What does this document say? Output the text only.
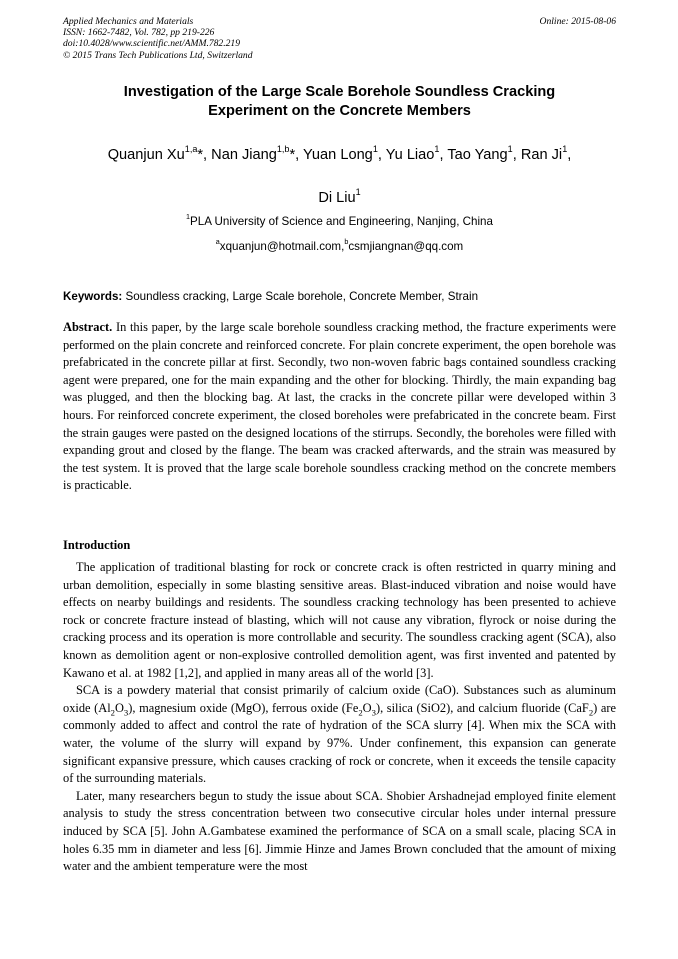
Applied Mechanics and Materials
ISSN: 1662-7482, Vol. 782, pp 219-226
doi:10.4028/www.scientific.net/AMM.782.219
© 2015 Trans Tech Publications Ltd, Switzerland
Online: 2015-08-06
Investigation of the Large Scale Borehole Soundless Cracking
Experiment on the Concrete Members
Quanjun Xu$^{1,a}$*, Nan Jiang$^{1,b}$*, Yuan Long$^1$, Yu Liao$^1$, Tao Yang$^1$, Ran Ji$^1$,
Di Liu$^1$
$^1$PLA University of Science and Engineering, Nanjing, China
$^a$xquanjun@hotmail.com,$^b$csmjiangnan@qq.com
Keywords: Soundless cracking, Large Scale borehole, Concrete Member, Strain
Abstract. In this paper, by the large scale borehole soundless cracking method, the fracture experiments were performed on the plain concrete and reinforced concrete. For plain concrete experiment, the open borehole was prefabricated in the concrete pillar at first. Secondly, two non-woven fabric bags contained soundless cracking agent were prepared, one for the main expanding and the other for blocking. Thirdly, the main expanding bag was plugged, and then the blocking bag. At last, the cracks in the concrete pillar were developed within 3 hours. For reinforced concrete experiment, the closed boreholes were prefabricated in the concrete beam. First the strain gauges were pasted on the designed locations of the stirrups. Secondly, the boreholes were filled with expanding grout and closed by the flange. The beam was cracked afterwards, and the strain was measured by the test system. It is proved that the large scale borehole soundless cracking method on the concrete members is practicable.
Introduction

The application of traditional blasting for rock or concrete crack is often restricted in quarry mining and urban demolition, especially in some blasting sensitive areas. Blast-induced vibration and noise would have effects on nearby buildings and residents. The soundless cracking technology has been presented to achieve rock or concrete fracture instead of blasting, which will not cause any vibration, flyrock or noise during the cracking process and its operation is more controllable and security. The soundless cracking agent (SCA), also known as demolition agent or non-explosive controlled demolition agent, was first invented and patented by Kawano et al. at 1982 [1,2], and applied in many areas all of the world [3].

SCA is a powdery material that consist primarily of calcium oxide (CaO). Substances such as aluminum oxide $(Al_2O_3)$, magnesium oxide (MgO), ferrous oxide $(Fe_2O_3)$, silica (SiO2), and calcium fluoride (CaF$_2$) are commonly added to affect and control the rate of hydration of the SCA slurry [4]. When mix the SCA with water, the volume of the slurry will expand by 97%. Under confinement, this expansion can generate significant expansive pressure, which causes cracking of rock or concrete, when it exceeds the tensile capacity of the surrounding materials.

Later, many researchers begun to study the issue about SCA. Shobier Arshadnejad employed finite element analysis to study the stress concentration between two consecutive circular holes under internal pressure induced by SCA [5]. John A.Gambatese examined the performance of SCA on a small scale, placing SCA in holes 6.35 mm in diameter and less [6]. Jimmie Hinze and James Brown concluded that the amount of mixing water and the ambient temperature were the most
